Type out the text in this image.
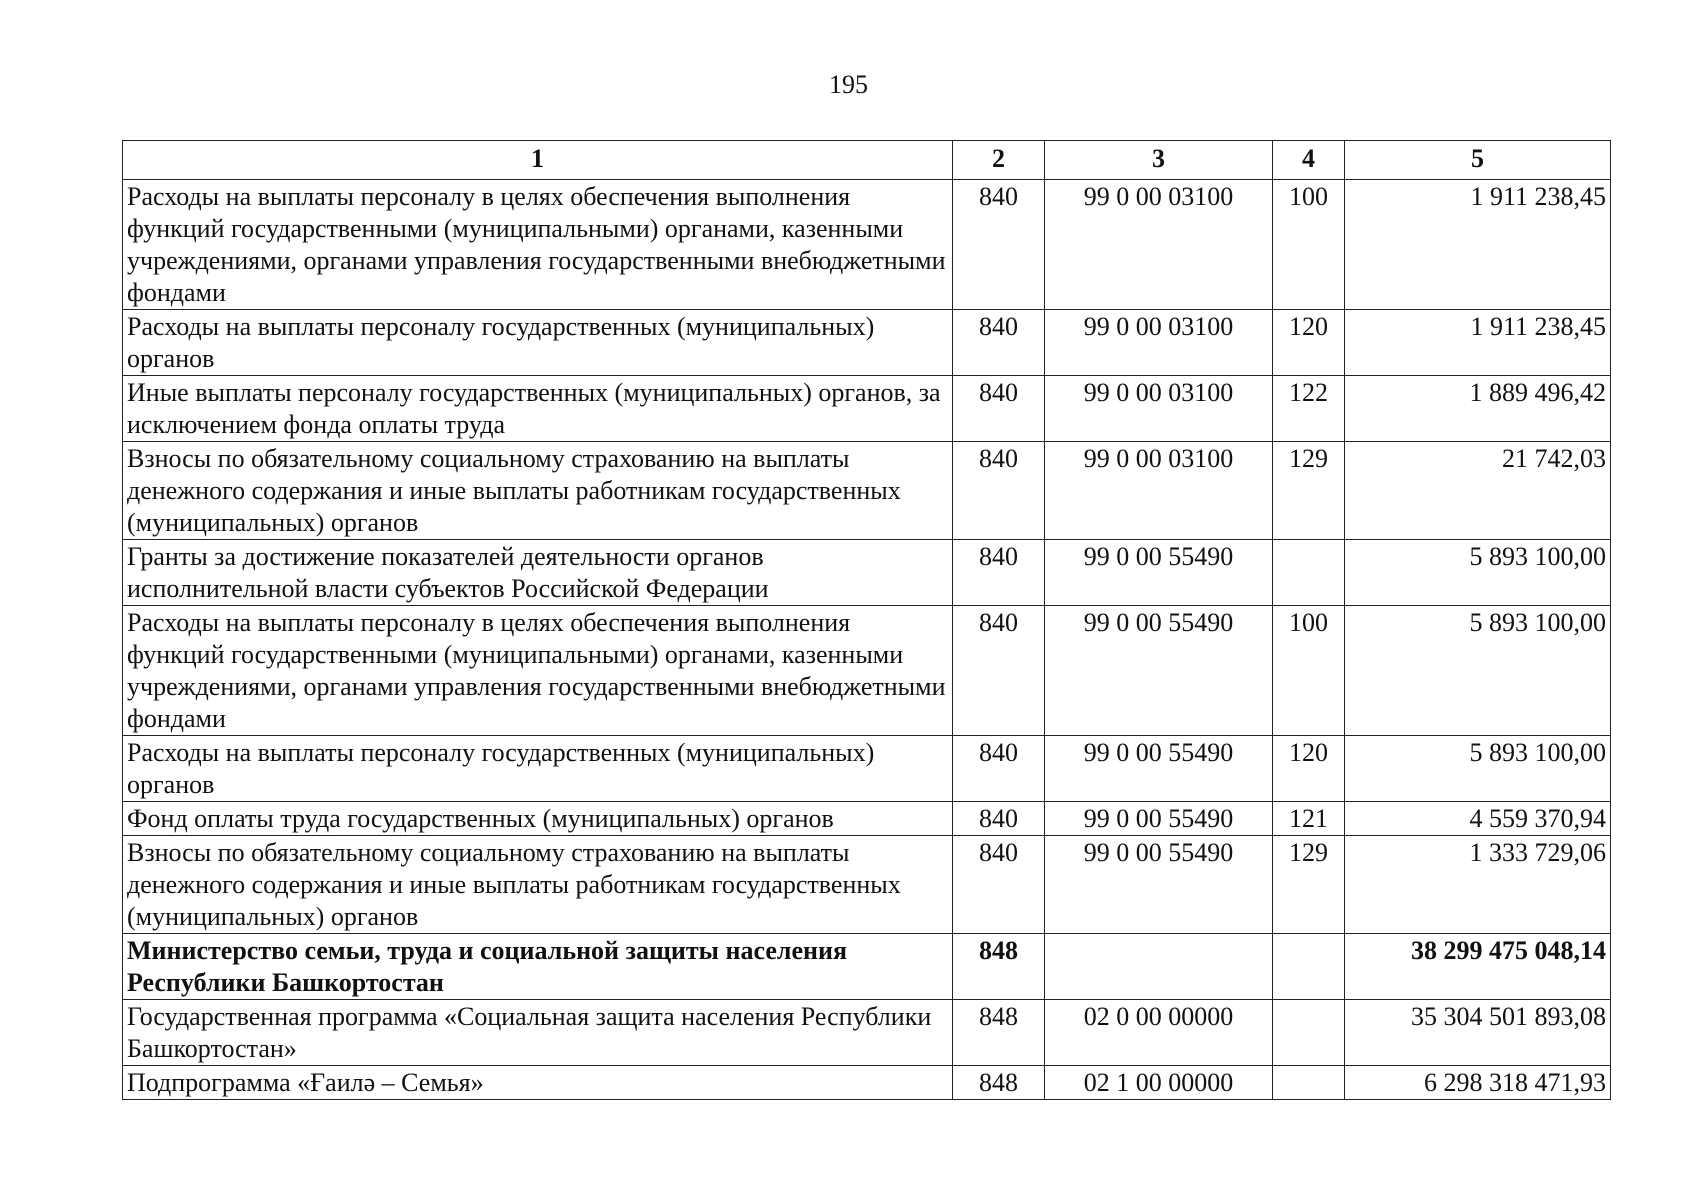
195
1	2	3	4	5
Расходы на выплаты персоналу в целях обеспечения выполнения функций государственными (муниципальными) органами, казенными учреждениями, органами управления государственными внебюджетными фондами	840	99 0 00 03100	100	1 911 238,45
Расходы на выплаты персоналу государственных (муниципальных) органов	840	99 0 00 03100	120	1 911 238,45
Иные выплаты персоналу государственных (муниципальных) органов, за исключением фонда оплаты труда	840	99 0 00 03100	122	1 889 496,42
Взносы по обязательному социальному страхованию на выплаты денежного содержания и иные выплаты работникам государственных (муниципальных) органов	840	99 0 00 03100	129	21 742,03
Гранты за достижение показателей деятельности органов исполнительной власти субъектов Российской Федерации	840	99 0 00 55490		5 893 100,00
Расходы на выплаты персоналу в целях обеспечения выполнения функций государственными (муниципальными) органами, казенными учреждениями, органами управления государственными внебюджетными фондами	840	99 0 00 55490	100	5 893 100,00
Расходы на выплаты персоналу государственных (муниципальных) органов	840	99 0 00 55490	120	5 893 100,00
Фонд оплаты труда государственных (муниципальных) органов	840	99 0 00 55490	121	4 559 370,94
Взносы по обязательному социальному страхованию на выплаты денежного содержания и иные выплаты работникам государственных (муниципальных) органов	840	99 0 00 55490	129	1 333 729,06
Министерство семьи, труда и социальной защиты населения Республики Башкортостан	848			38 299 475 048,14
Государственная программа «Социальная защита населения Республики Башкортостан»	848	02 0 00 00000		35 304 501 893,08
Подпрограмма «Ғаилә – Семья»	848	02 1 00 00000		6 298 318 471,93
